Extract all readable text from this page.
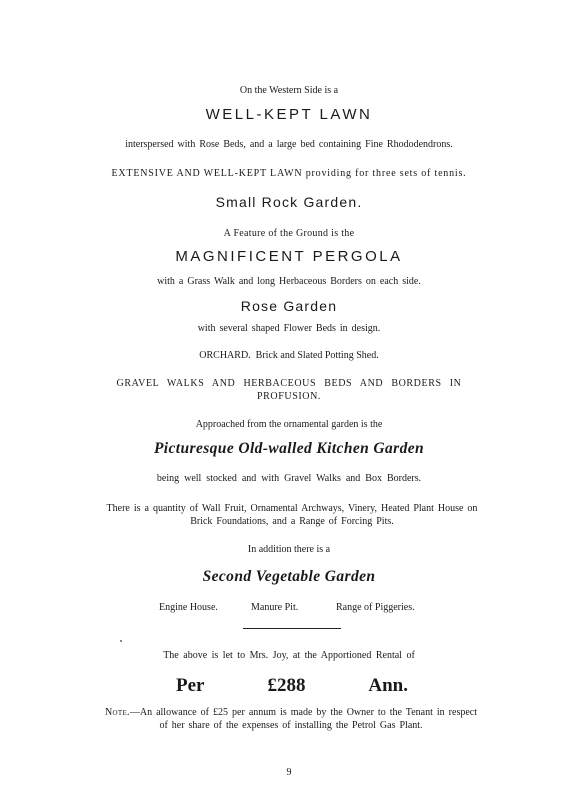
On the Western Side is a
WELL-KEPT LAWN
interspersed with Rose Beds, and a large bed containing Fine Rhododendrons.
EXTENSIVE AND WELL-KEPT LAWN providing for three sets of tennis.
Small Rock Garden.
A Feature of the Ground is the
MAGNIFICENT PERGOLA
with a Grass Walk and long Herbaceous Borders on each side.
Rose Garden
with several shaped Flower Beds in design.
ORCHARD.  Brick and Slated Potting Shed.
GRAVEL WALKS AND HERBACEOUS BEDS AND BORDERS IN PROFUSION.
Approached from the ornamental garden is the
Picturesque Old-walled Kitchen Garden
being well stocked and with Gravel Walks and Box Borders.
There is a quantity of Wall Fruit, Ornamental Archways, Vinery, Heated Plant House on Brick Foundations, and a Range of Forcing Pits.
In addition there is a
Second Vegetable Garden
Engine House.	Manure Pit.	Range of Piggeries.
The above is let to Mrs. Joy, at the Apportioned Rental of
Per	£288	Ann.
Note.—An allowance of £25 per annum is made by the Owner to the Tenant in respect of her share of the expenses of installing the Petrol Gas Plant.
9
